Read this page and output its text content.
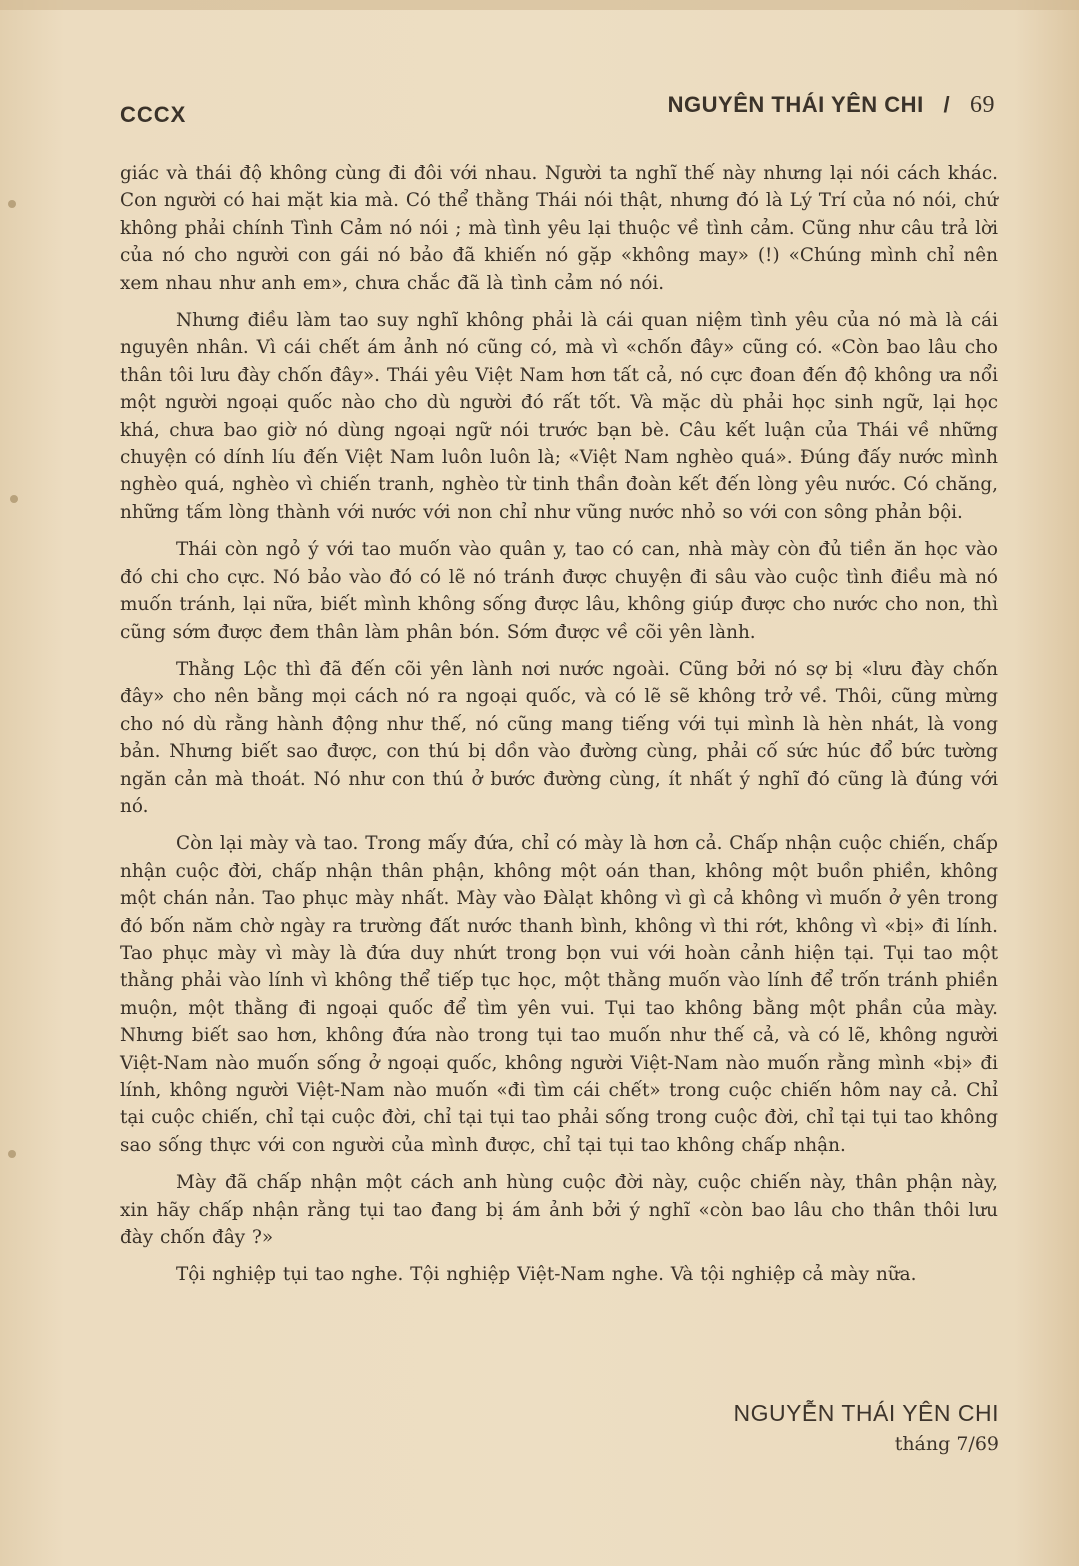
CCCX	NGUYÊN THÁI YÊN CHI / 69

giác và thái độ không cùng đi đôi với nhau. Người ta nghĩ thế này nhưng lại nói cách khác. Con người có hai mặt kia mà. Có thể thằng Thái nói thật, nhưng đó là Lý Trí của nó nói, chứ không phải chính Tình Cảm nó nói ; mà tình yêu lại thuộc về tình cảm. Cũng như câu trả lời của nó cho người con gái nó bảo đã khiến nó gặp «không may» (!) «Chúng mình chỉ nên xem nhau như anh em», chưa chắc đã là tình cảm nó nói.

Nhưng điều làm tao suy nghĩ không phải là cái quan niệm tình yêu của nó mà là cái nguyên nhân. Vì cái chết ám ảnh nó cũng có, mà vì «chốn đây» cũng có. «Còn bao lâu cho thân tôi lưu đày chốn đây». Thái yêu Việt Nam hơn tất cả, nó cực đoan đến độ không ưa nổi một người ngoại quốc nào cho dù người đó rất tốt. Và mặc dù phải học sinh ngữ, lại học khá, chưa bao giờ nó dùng ngoại ngữ nói trước bạn bè. Câu kết luận của Thái về những chuyện có dính líu đến Việt Nam luôn luôn là; «Việt Nam nghèo quá». Đúng đấy nước mình nghèo quá, nghèo vì chiến tranh, nghèo từ tinh thần đoàn kết đến lòng yêu nước. Có chăng, những tấm lòng thành với nước với non chỉ như vũng nước nhỏ so với con sông phản bội.

Thái còn ngỏ ý với tao muốn vào quân y, tao có can, nhà mày còn đủ tiền ăn học vào đó chi cho cực. Nó bảo vào đó có lẽ nó tránh được chuyện đi sâu vào cuộc tình điều mà nó muốn tránh, lại nữa, biết mình không sống được lâu, không giúp được cho nước cho non, thì cũng sớm được đem thân làm phân bón. Sớm được về cõi yên lành.

Thằng Lộc thì đã đến cõi yên lành nơi nước ngoài. Cũng bởi nó sợ bị «lưu đày chốn đây» cho nên bằng mọi cách nó ra ngoại quốc, và có lẽ sẽ không trở về. Thôi, cũng mừng cho nó dù rằng hành động như thế, nó cũng mang tiếng với tụi mình là hèn nhát, là vong bản. Nhưng biết sao được, con thú bị dồn vào đường cùng, phải cố sức húc đổ bức tường ngăn cản mà thoát. Nó như con thú ở bước đường cùng, ít nhất ý nghĩ đó cũng là đúng với nó.

Còn lại mày và tao. Trong mấy đứa, chỉ có mày là hơn cả. Chấp nhận cuộc chiến, chấp nhận cuộc đời, chấp nhận thân phận, không một oán than, không một buồn phiền, không một chán nản. Tao phục mày nhất. Mày vào Đàlạt không vì gì cả không vì muốn ở yên trong đó bốn năm chờ ngày ra trường đất nước thanh bình, không vì thi rớt, không vì «bị» đi lính. Tao phục mày vì mày là đứa duy nhứt trong bọn vui với hoàn cảnh hiện tại. Tụi tao một thằng phải vào lính vì không thể tiếp tục học, một thằng muốn vào lính để trốn tránh phiền muộn, một thằng đi ngoại quốc để tìm yên vui. Tụi tao không bằng một phần của mày. Nhưng biết sao hơn, không đứa nào trong tụi tao muốn như thế cả, và có lẽ, không người Việt-Nam nào muốn sống ở ngoại quốc, không người Việt-Nam nào muốn rằng mình «bị» đi lính, không người Việt-Nam nào muốn «đi tìm cái chết» trong cuộc chiến hôm nay cả. Chỉ tại cuộc chiến, chỉ tại cuộc đời, chỉ tại tụi tao phải sống trong cuộc đời, chỉ tại tụi tao không sao sống thực với con người của mình được, chỉ tại tụi tao không chấp nhận.

Mày đã chấp nhận một cách anh hùng cuộc đời này, cuộc chiến này, thân phận này, xin hãy chấp nhận rằng tụi tao đang bị ám ảnh bởi ý nghĩ «còn bao lâu cho thân thôi lưu đày chốn đây ?»

Tội nghiệp tụi tao nghe. Tội nghiệp Việt-Nam nghe. Và tội nghiệp cả mày nữa.

NGUYỄN THÁI YÊN CHI
tháng 7/69
